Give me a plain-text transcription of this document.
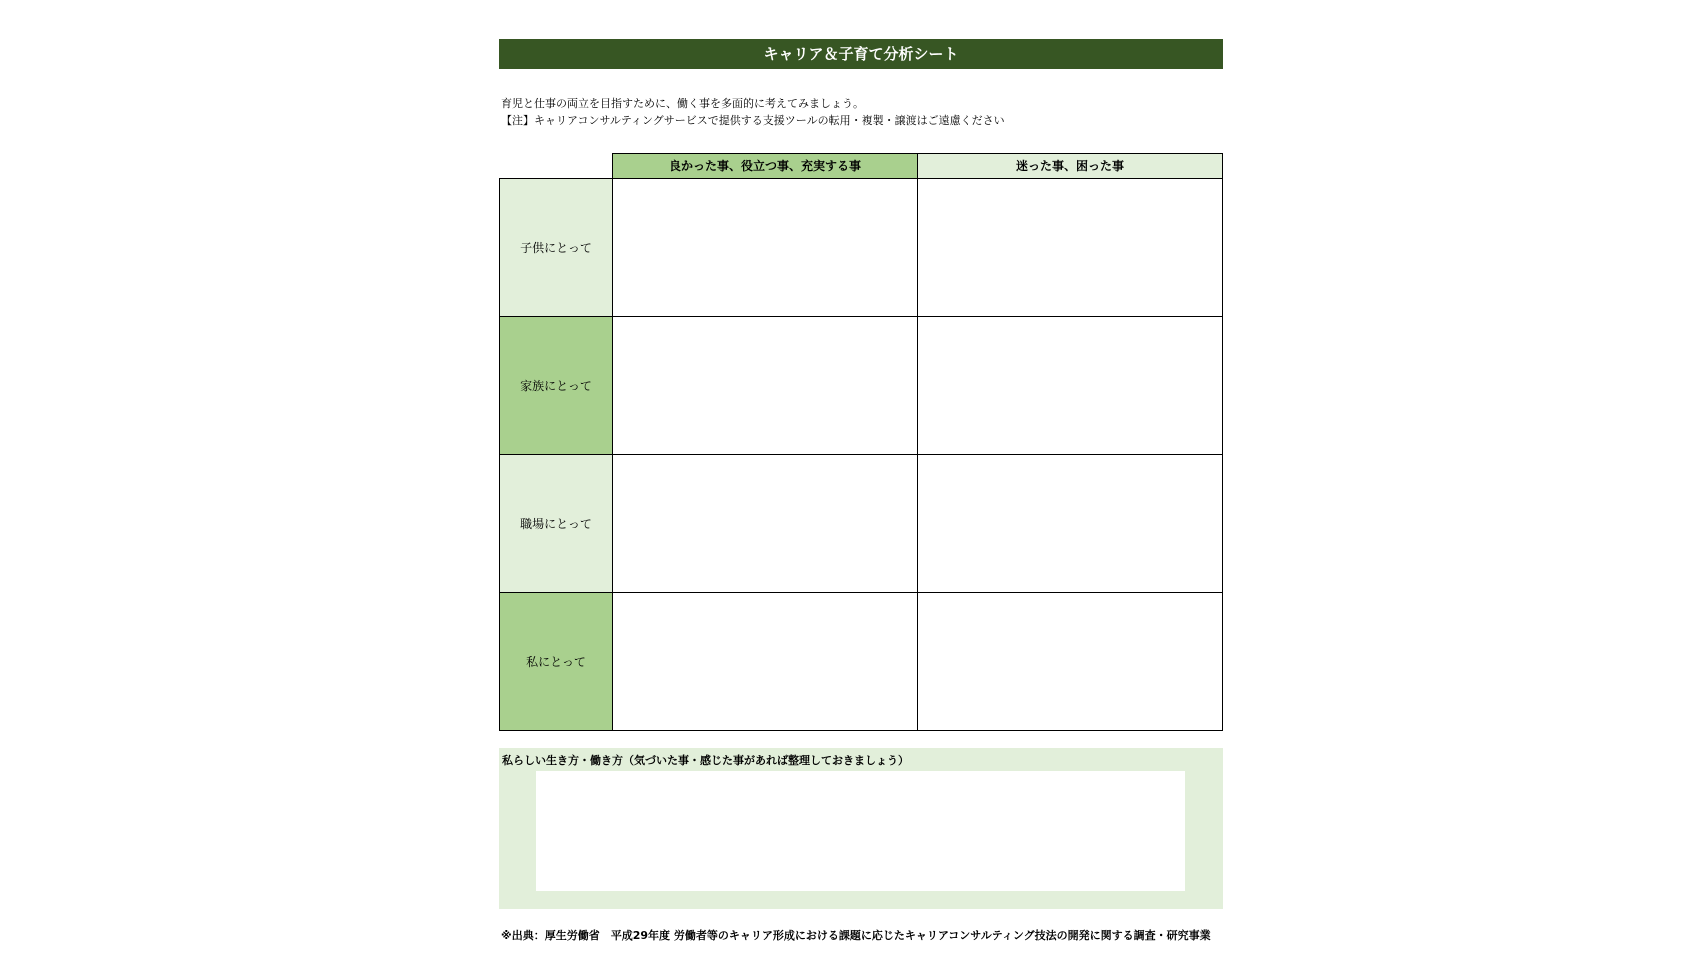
キャリア＆子育て分析シート
育児と仕事の両立を目指すために、働く事を多面的に考えてみましょう。
【注】キャリアコンサルティングサービスで提供する支援ツールの転用・複製・譲渡はご遠慮ください
良かった事、役立つ事、充実する事	迷った事、困った事
子供にとって
家族にとって
職場にとって
私にとって
私らしい生き方・働き方（気づいた事・感じた事があれば整理しておきましょう）
※出典：厚生労働省　平成29年度 労働者等のキャリア形成における課題に応じたキャリアコンサルティング技法の開発に関する調査・研究事業
